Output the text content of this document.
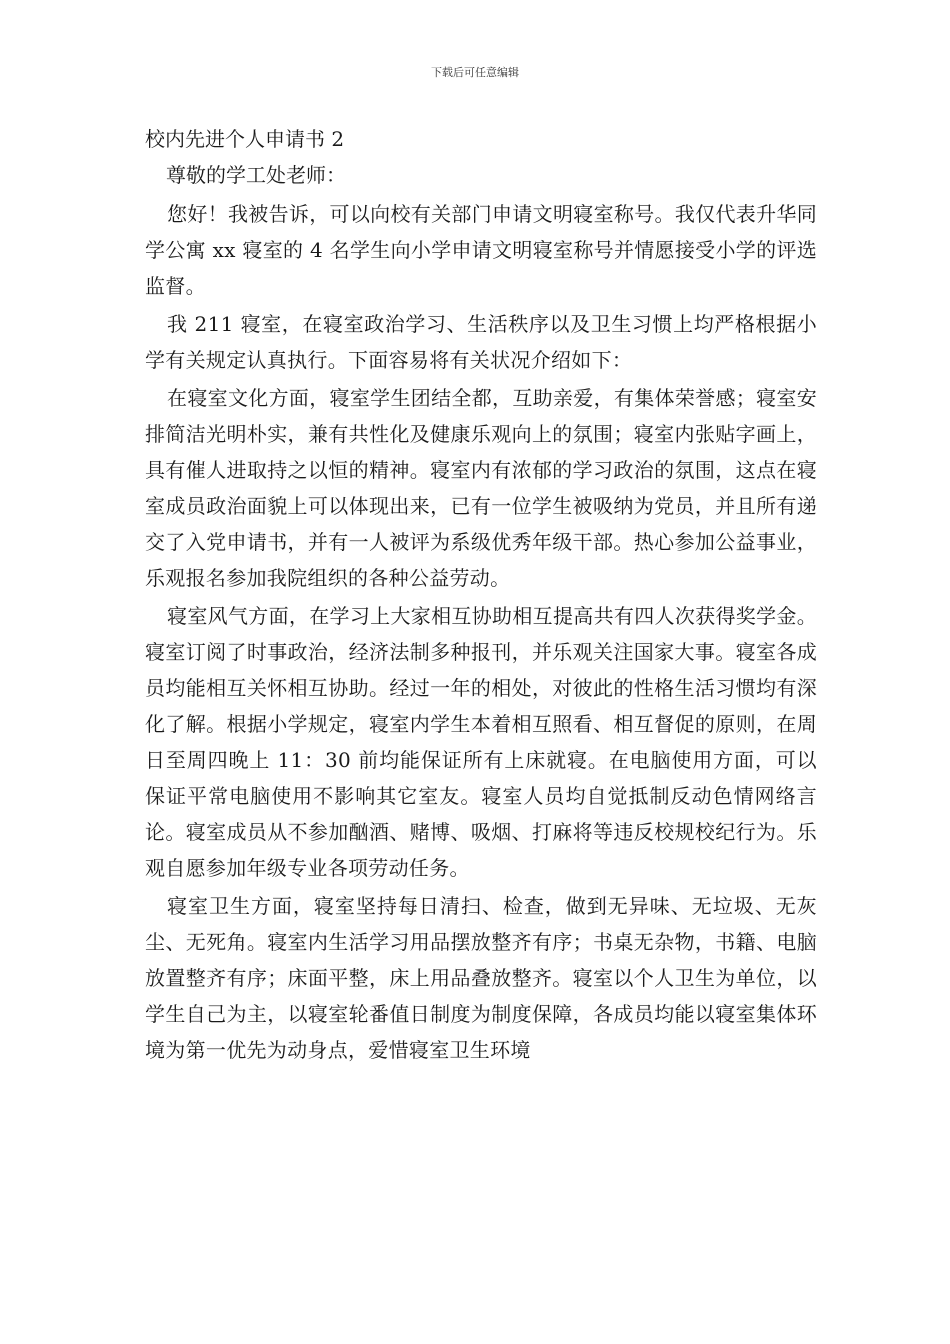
下载后可任意编辑
校内先进个人申请书 2

尊敬的学工处老师：

您好！我被告诉，可以向校有关部门申请文明寝室称号。我仅代表升华同学公寓 xx 寝室的 4 名学生向小学申请文明寝室称号并情愿接受小学的评选监督。

我 211 寝室，在寝室政治学习、生活秩序以及卫生习惯上均严格根据小学有关规定认真执行。下面容易将有关状况介绍如下：

在寝室文化方面，寝室学生团结全都，互助亲爱，有集体荣誉感；寝室安排简洁光明朴实，兼有共性化及健康乐观向上的氛围；寝室内张贴字画上，具有催人进取持之以恒的精神。寝室内有浓郁的学习政治的氛围，这点在寝室成员政治面貌上可以体现出来，已有一位学生被吸纳为党员，并且所有递交了入党申请书，并有一人被评为系级优秀年级干部。热心参加公益事业，乐观报名参加我院组织的各种公益劳动。

寝室风气方面，在学习上大家相互协助相互提高共有四人次获得奖学金。寝室订阅了时事政治，经济法制多种报刊，并乐观关注国家大事。寝室各成员均能相互关怀相互协助。经过一年的相处，对彼此的性格生活习惯均有深化了解。根据小学规定，寝室内学生本着相互照看、相互督促的原则，在周日至周四晚上 11：30 前均能保证所有上床就寝。在电脑使用方面，可以保证平常电脑使用不影响其它室友。寝室人员均自觉抵制反动色情网络言论。寝室成员从不参加酗酒、赌博、吸烟、打麻将等违反校规校纪行为。乐观自愿参加年级专业各项劳动任务。

寝室卫生方面，寝室坚持每日清扫、检查，做到无异味、无垃圾、无灰尘、无死角。寝室内生活学习用品摆放整齐有序；书桌无杂物，书籍、电脑放置整齐有序；床面平整，床上用品叠放整齐。寝室以个人卫生为单位，以学生自己为主，以寝室轮番值日制度为制度保障，各成员均能以寝室集体环境为第一优先为动身点，爱惜寝室卫生环境
